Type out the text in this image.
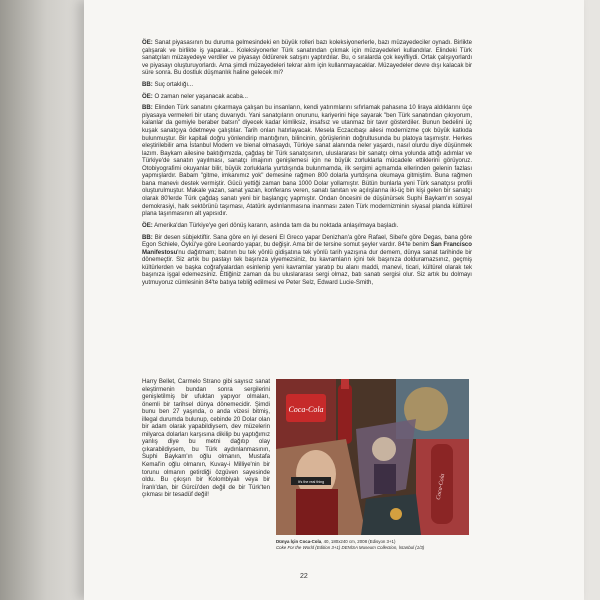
ÖE: Sanat piyasasının bu duruma gelmesindeki en büyük rolleri bazı koleksiyonerlerle, bazı müzayedeciler oynadı. Birlikte çalışarak ve birlikte iş yaparak... Koleksiyonerler Türk sanatından çıkmak için müzayedeleri kullandılar. Elindeki Türk sanatçıları müzayedeye verdiler ve piyasayı öldürerek satışını yaptırdılar. Bu, o sıralarda çok keyifliydi. Ortak çalışıyorlardı ve piyasayı oluşturuyorlardı. Ama şimdi müzayedeleri tekrar alım için kullanmayacaklar. Müzayedeler devre dışı kalacak bir süre sonra. Bu dostluk düşmanlık haline gelecek mi?

BB: Suç ortaklığı...

ÖE: O zaman neler yaşanacak acaba...

BB: Elinden Türk sanatını çıkarmaya çalışan bu insanların, kendi yatırımlarını sıfırlamak pahasına 10 liraya aldıklarını üçe piyasaya vermeleri bir utanç duvarıydı. Yani sanatçıların onurunu, kariyerini hiçe sayarak "ben Türk sanatından çıkıyorum, kalanlar da gemiyle beraber batsın" diyecek kadar kimliksiz, insafsız ve utanmaz bir tavır gösterdiler. Bunun bedelini üç kuşak sanatçıya ödetmeye çalıştılar. Tarih onları hatırlayacak. Mesela Eczacıbaşı ailesi modernizme çok büyük katkıda bulunmuştur. Bir kapitali doğru yönlendirip mantığının, bilincinin, görüşlerinin doğrultusunda bu platoya taşımıştır. Herkes eleştirilebilir ama İstanbul Modern ve bienal olmasaydı, Türkiye sanat alanında neler yaşardı, nasıl olurdu diye düşünmek lazım. Baykam ailesine baktığımızda, çağdaş bir Türk sanatçısının, uluslararası bir sanatçı olma yolunda attığı adımlar ve Türkiye'de sanatın yayılması, sanatçı imajının genişlemesi için ne büyük zorluklarla mücadele ettiklerini görüyoruz. Otobiyografimi okuyanlar bilir, büyük zorluklarla yurtdışında bulunmamda, ilk sergimi açmamda ellerinden gelenin fazlası yapmışlardır. Babam "gitme, imkanımız yok" demesine rağmen 800 dolarla yurtdışına okumaya gitmiştim. Buna rağmen bana maneviı destek vermiştir. Gücü yettiği zaman bana 1000 Dolar yollamıştır. Bütün bunlarla yeni Türk sanatçısı profili oluşturulmuştur. Makale yazan, sanat yazan, konferans veren, sanatı tanıtan ve açılışlarına iki-üç bin kişi gelen bir sanatçı olarak 80'lerde Türk çağdaş sanatı yeni bir başlangıç yapmıştır. Ondan öncesini de düşünürsek Suphi Baykam'ın sosyal demokrasiyi, halk sektörünü taşıması, Atatürk aydınlanmasına inanması zaten Türk modernizminin siyasal planda kültürel plana taşınmasının alt yapısıdır.

ÖE: Amerika'dan Türkiye'ye geri dönüş kararın, aslında tam da bu noktada anlaşılmaya başladı.

BB: Bir desen sübjektiftir. Sana göre en iyi deseni El Greco yapar Denizhan'a göre Rafael, Sibel'e göre Degas, bana göre Egon Schiele, Öykü'ye göre Leonardo yapar, bu değişir. Ama bir de tersine somut şeyler vardır. 84'te benim San Francisco Manifestosu'nu dağıtmam; batının bu tek yönlü gidişatına tek yönlü tarih yazışına dur demem, dünya sanat tarihinde bir dönemeçtir. Siz artık bu pastayı tek başınıza yiyemezsiniz, bu kavramların içini tek başınıza dolduramazsınız, geçmiş kültürlerden ve başka coğrafyalardan esinlenip yeni kavramlar yaratıp bu alanı maddi, manevi, ticari, kültürel olarak tek başınıza işgal edemezsiniz. Ettiğiniz zaman da bu uluslararası sergi olmaz, batı sanatı sergisi olur. Siz artık bu dolmayı yutmuyoruz cümlesinin 84'te batıya tebliğ edilmesi ve Peter Selz, Edward Lucie-Smith,

Harry Bellet, Carmelo Strano gibi sayısız sanat eleştirmenin bundan sonra sergilerini genişletilmiş bir ufuktan yapıyor olmaları, önemli bir tarihsel dünya dönemecidir. Şimdi bunu ben 27 yaşında, o anda vizesi bitmiş, illegal durumda bulunup, cebinde 20 Dolar olan bir adam olarak yapabildiysem, dev müzelerin milyarca dolarları karşısına dikilip bu yaptığımız yanlış diye bu metni dağıtıp olay çıkarabildiysem, bu Türk aydınlanmasının, Suphi Baykam'ın oğlu olmanın, Mustafa Kemal'in oğlu olmanın, Kuvay-i Milliye'nin bir torunu olmanın getirdiği özgüven sayesinde oldu. Bu çıkışın bir Kolombiyalı veya bir İranlı'dan, bir Gürcü'den değil de bir Türk'ten çıkması bir tesadüf değil!
Coca-Cola
It's the real thing	Coca-Cola
Dünya İçin Coca-Cola, 40, 180x240 cm, 2008 (Edisyon 3+1)
Coke For the World (Edition 3+1) DENİSA Museum Collection, İstanbul (1/3)
22
